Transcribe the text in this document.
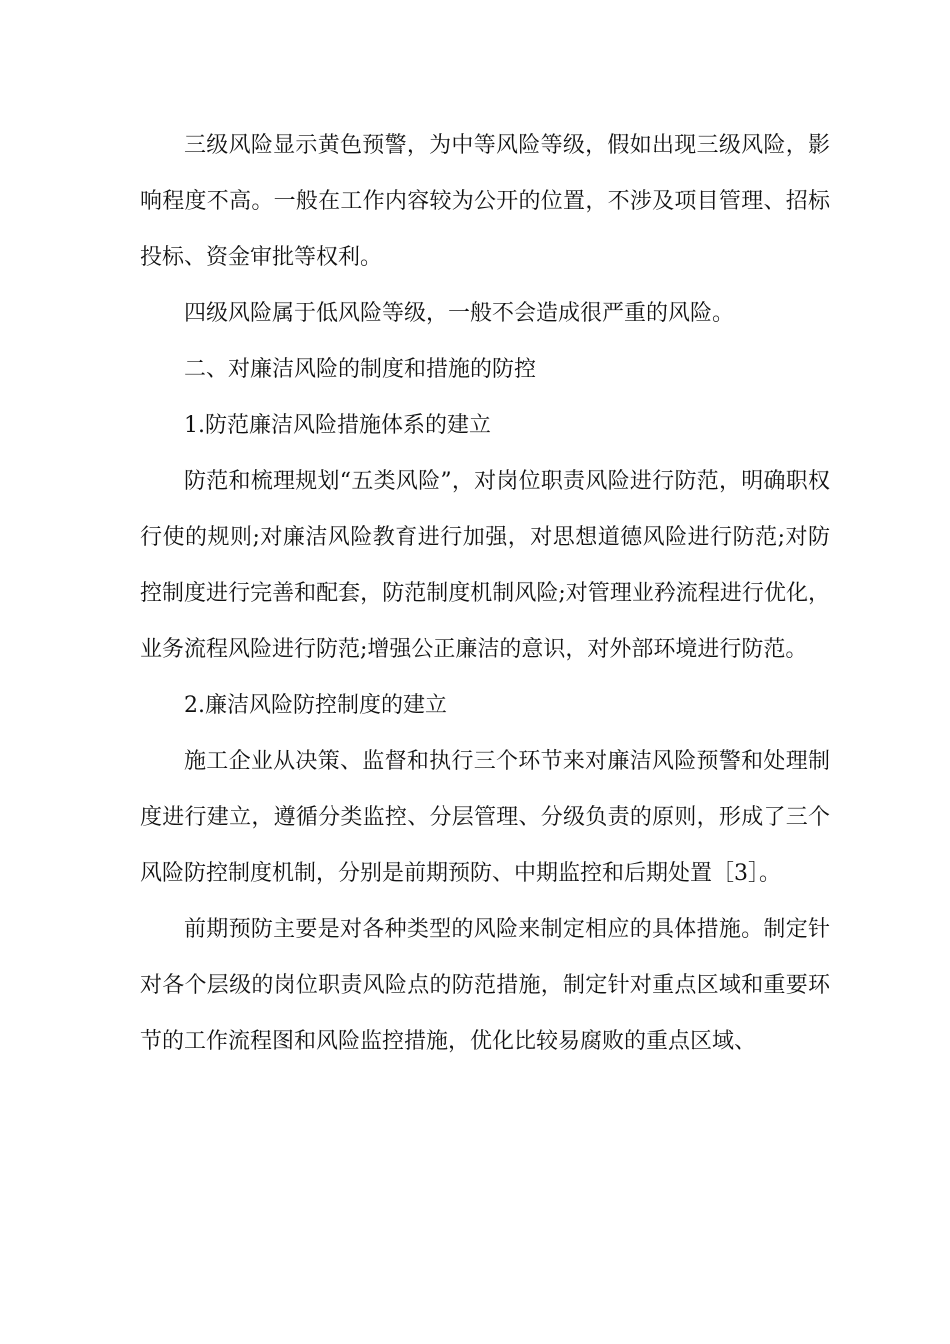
三级风险显示黄色预警，为中等风险等级，假如出现三级风险，影响程度不高。一般在工作内容较为公开的位置，不涉及项目管理、招标投标、资金审批等权利。

四级风险属于低风险等级，一般不会造成很严重的风险。

二、对廉洁风险的制度和措施的防控

1.防范廉洁风险措施体系的建立

防范和梳理规划“五类风险”，对岗位职责风险进行防范，明确职权行使的规则;对廉洁风险教育进行加强，对思想道德风险进行防范;对防控制度进行完善和配套，防范制度机制风险;对管理业矜流程进行优化，业务流程风险进行防范;增强公正廉洁的意识，对外部环境进行防范。

2.廉洁风险防控制度的建立

施工企业从决策、监督和执行三个环节来对廉洁风险预警和处理制度进行建立，遵循分类监控、分层管理、分级负责的原则，形成了三个风险防控制度机制，分别是前期预防、中期监控和后期处置［3］。

前期预防主要是对各种类型的风险来制定相应的具体措施。制定针对各个层级的岗位职责风险点的防范措施，制定针对重点区域和重要环节的工作流程图和风险监控措施，优化比较易腐败的重点区域、
